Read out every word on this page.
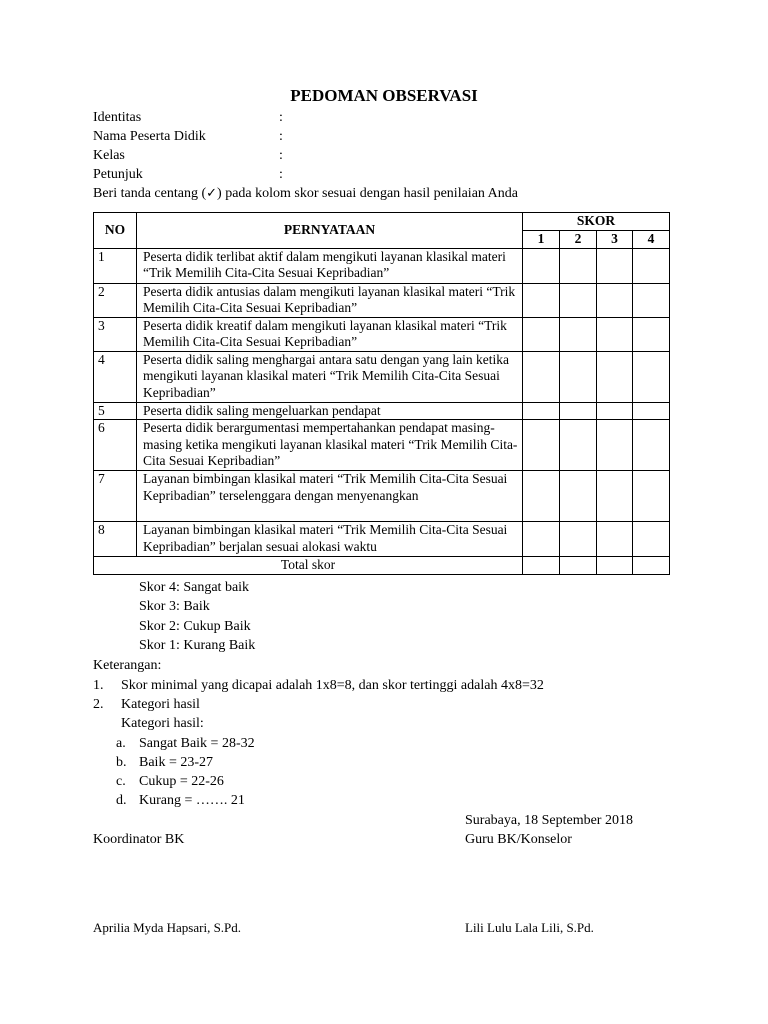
PEDOMAN OBSERVASI
Identitas	:
Nama Peserta Didik	:
Kelas	:
Petunjuk	:
Beri tanda centang (✓) pada kolom skor sesuai dengan hasil penilaian Anda
NO	PERNYATAAN	SKOR			
		1	2	3	4
1	Peserta didik terlibat aktif dalam mengikuti layanan klasikal materi “Trik Memilih Cita-Cita Sesuai Kepribadian”				
2	Peserta didik antusias dalam mengikuti layanan klasikal materi “Trik Memilih Cita-Cita Sesuai Kepribadian”				
3	Peserta didik kreatif dalam mengikuti layanan klasikal materi “Trik Memilih Cita-Cita Sesuai Kepribadian”				
4	Peserta didik saling menghargai antara satu dengan yang lain ketika mengikuti layanan klasikal materi “Trik Memilih Cita-Cita Sesuai Kepribadian”				
5	Peserta didik saling mengeluarkan pendapat				
6	Peserta didik berargumentasi mempertahankan pendapat masing-masing ketika mengikuti layanan klasikal materi “Trik Memilih Cita-Cita Sesuai Kepribadian”				
7	Layanan bimbingan klasikal materi “Trik Memilih Cita-Cita Sesuai Kepribadian” terselenggara dengan menyenangkan				
8	Layanan bimbingan klasikal materi “Trik Memilih Cita-Cita Sesuai Kepribadian” berjalan sesuai alokasi waktu				
Total skor					
Skor 4: Sangat baik
Skor 3: Baik
Skor 2: Cukup Baik
Skor 1: Kurang Baik
Keterangan:
1. Skor minimal yang dicapai adalah 1x8=8, dan skor tertinggi adalah 4x8=32
2. Kategori hasil
Kategori hasil:
a. Sangat Baik = 28-32
b. Baik = 23-27
c. Cukup = 22-26
d. Kurang = ……. 21
Surabaya, 18 September 2018
Koordinator BK	Guru BK/Konselor
Aprilia Myda Hapsari, S.Pd.	Lili Lulu Lala Lili, S.Pd.
